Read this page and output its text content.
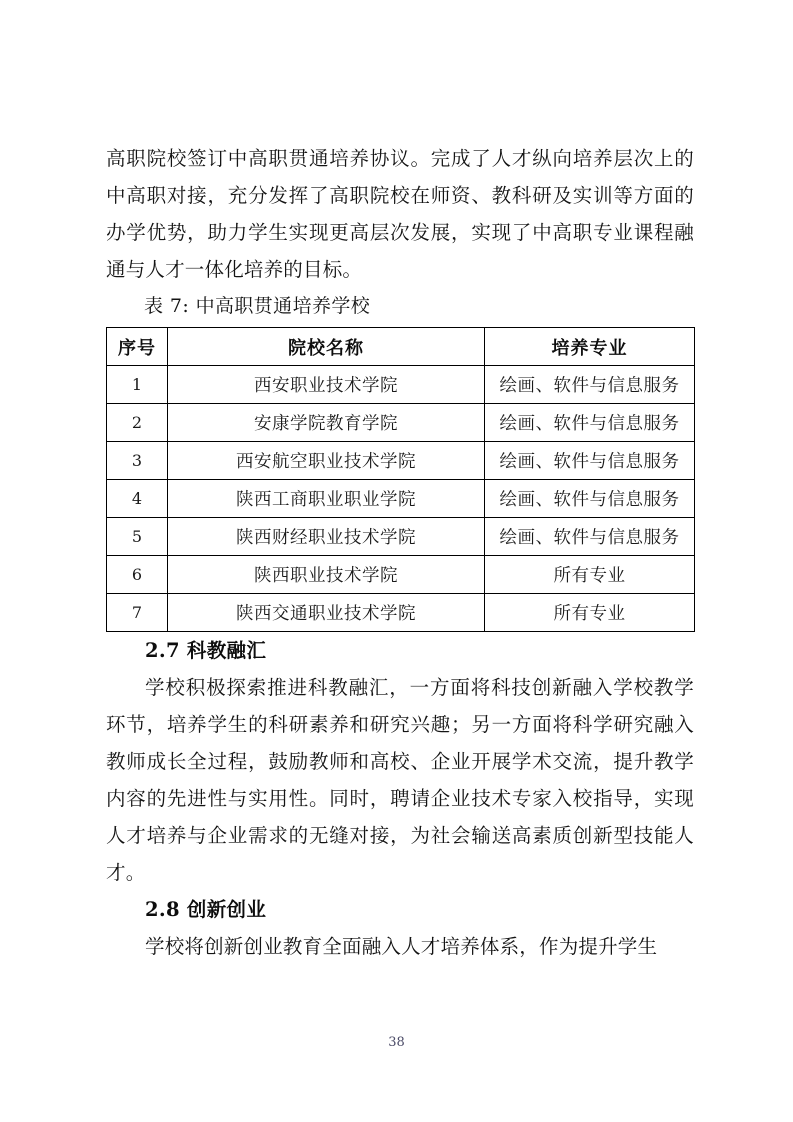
高职院校签订中高职贯通培养协议。完成了人才纵向培养层次上的中高职对接，充分发挥了高职院校在师资、教科研及实训等方面的办学优势，助力学生实现更高层次发展，实现了中高职专业课程融通与人才一体化培养的目标。

表 7: 中高职贯通培养学校

序号	院校名称	培养专业
1	西安职业技术学院	绘画、软件与信息服务
2	安康学院教育学院	绘画、软件与信息服务
3	西安航空职业技术学院	绘画、软件与信息服务
4	陕西工商职业职业学院	绘画、软件与信息服务
5	陕西财经职业技术学院	绘画、软件与信息服务
6	陕西职业技术学院	所有专业
7	陕西交通职业技术学院	所有专业
2.7 科教融汇

学校积极探索推进科教融汇，一方面将科技创新融入学校教学环节，培养学生的科研素养和研究兴趣；另一方面将科学研究融入教师成长全过程，鼓励教师和高校、企业开展学术交流，提升教学内容的先进性与实用性。同时，聘请企业技术专家入校指导，实现人才培养与企业需求的无缝对接，为社会输送高素质创新型技能人才。

2.8 创新创业

学校将创新创业教育全面融入人才培养体系，作为提升学生

38
